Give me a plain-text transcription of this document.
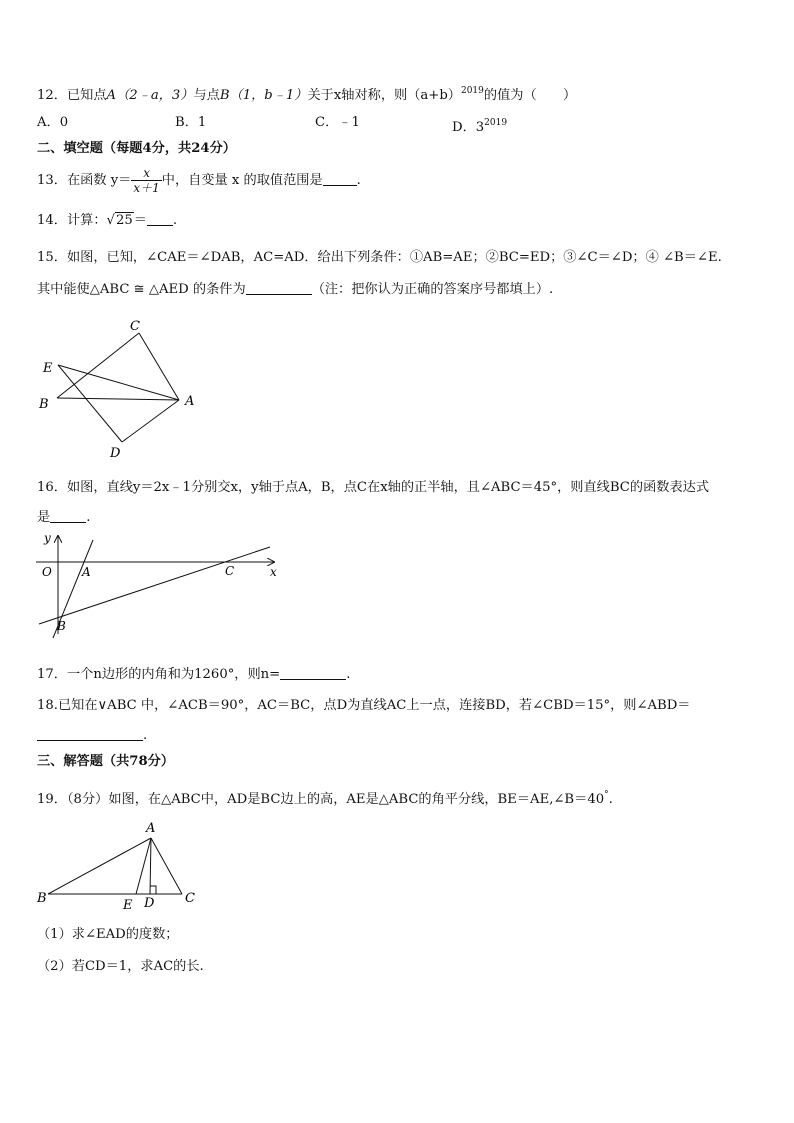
12．已知点A（2﹣a，3）与点B（1，b﹣1）关于x轴对称，则$(a+b)^{2019}$的值为（　　）
A．0	B．1	C．﹣1	D．$3^{2019}$
二、填空题（每题4分，共24分）
13．在函数 $y= \frac{x}{x+1}$ 中，自变量 x 的取值范围是	.
14．计算：√25＝ .
15．如图，已知，∠CAE＝∠DAB，AC=AD．给出下列条件：①AB=AE；②BC=ED；③∠C＝∠D；④ ∠B＝∠E.
其中能使△ABC ≅ △AED 的条件为	（注：把你认为正确的答案序号都填上）.
C
E
B	A
D
16．如图，直线y＝2x﹣1分别交x，y轴于点A，B，点C在x轴的正半轴，且∠ABC＝45°，则直线BC的函数表达式
是	.
y
O	A	C	x
B
17．一个n边形的内角和为1260°，则n=	.
18.已知在∨ABC 中，∠ACB＝90°，AC＝BC，点D为直线AC上一点，连接BD，若∠CBD＝15°，则∠ABD＝
.
三、解答题（共78分）
19．（8分）如图，在△ABC中，AD是BC边上的高，AE是△ABC的角平分线，BE＝AE,∠B＝40°.
A
B	E D C
（1）求∠EAD的度数；
（2）若CD＝1，求AC的长.
